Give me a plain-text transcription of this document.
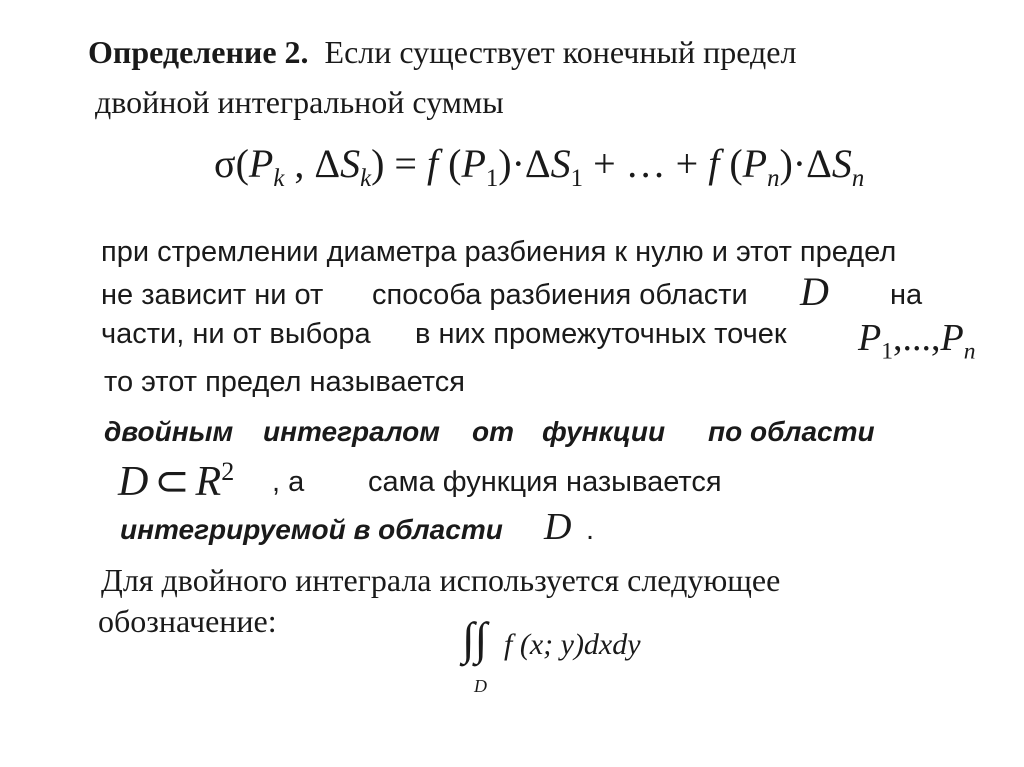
Определение 2. Если существует конечный предел
двойной интегральной суммы
$\sigma(P_k$ , $\Delta S_k) = f$ $(P_1)\cdot\Delta S_1$ + … + f $(P_n)\cdot\Delta S_n$
при стремлении диаметра разбиения к нулю и этот предел
не зависит ни от способа разбиения области D на
части, ни от выбора в них промежуточных точек $P_1,...,P_n$
то этот предел называется
двойным интегралом от функции по области
D ⊂ $R^2$ , а сама функция называется
интегрируемой в области D .
Для двойного интеграла используется следующее
обозначение:	∫∫ f (x; y)dxdy
D
